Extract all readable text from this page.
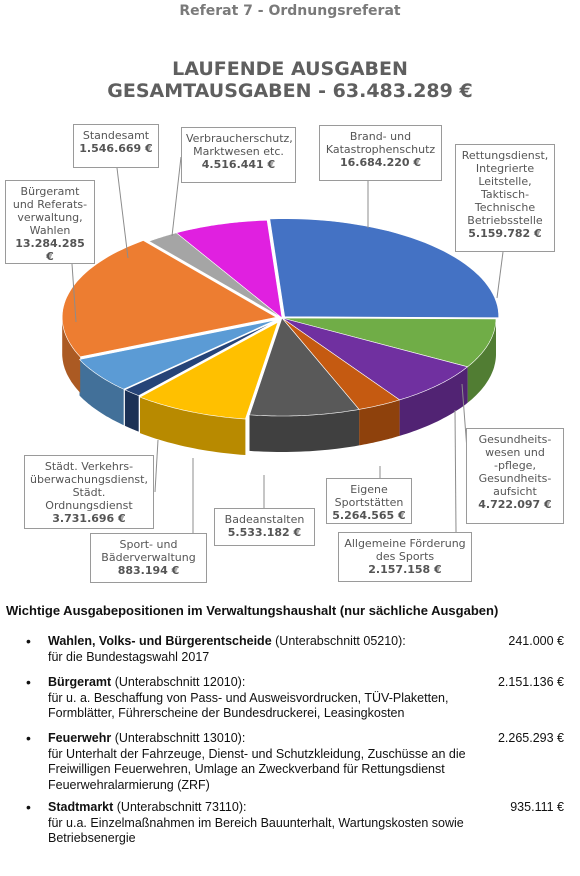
Referat 7 - Ordnungsreferat
LAUFENDE AUSGABEN
GESAMTAUSGABEN - 63.483.289 €
Standesamt
1.546.669 €
Verbraucherschutz,
Marktwesen etc.
4.516.441 €
Brand- und
Katastrophenschutz
16.684.220 €
Rettungsdienst,
Integrierte
Leitstelle,
Taktisch-
Technische
Betriebsstelle
5.159.782 €
Bürgeramt
und Referats-
verwaltung,
Wahlen
13.284.285 €
Gesundheits-
wesen und
-pflege,
Gesundheits-
aufsicht
4.722.097 €
Eigene
Sportstätten
5.264.565 €
Städt. Verkehrs-
überwachungsdienst,
Städt.
Ordnungsdienst
3.731.696 €	Badeanstalten
5.533.182 €
Allgemeine Förderung
des Sports
2.157.158 €
Sport- und
Bäderverwaltung
883.194 €
Wichtige Ausgabepositionen im Verwaltungshaushalt (nur sächliche Ausgaben)
• Wahlen, Volks- und Bürgerentscheide (Unterabschnitt 05210):
für die Bundestagswahl 2017
241.000 €
• Bürgeramt (Unterabschnitt 12010):
für u. a. Beschaffung von Pass- und Ausweisvordrucken, TÜV-Plaketten, Formblätter, Führerscheine der Bundesdruckerei, Leasingkosten
2.151.136 €
• Feuerwehr (Unterabschnitt 13010):
für Unterhalt der Fahrzeuge, Dienst- und Schutzkleidung, Zuschüsse an die Freiwilligen Feuerwehren, Umlage an Zweckverband für Rettungsdienst Feuerwehralarmierung (ZRF)
2.265.293 €
• Stadtmarkt (Unterabschnitt 73110):
für u.a. Einzelmaßnahmen im Bereich Bauunterhalt, Wartungskosten sowie Betriebsenergie
935.111 €
